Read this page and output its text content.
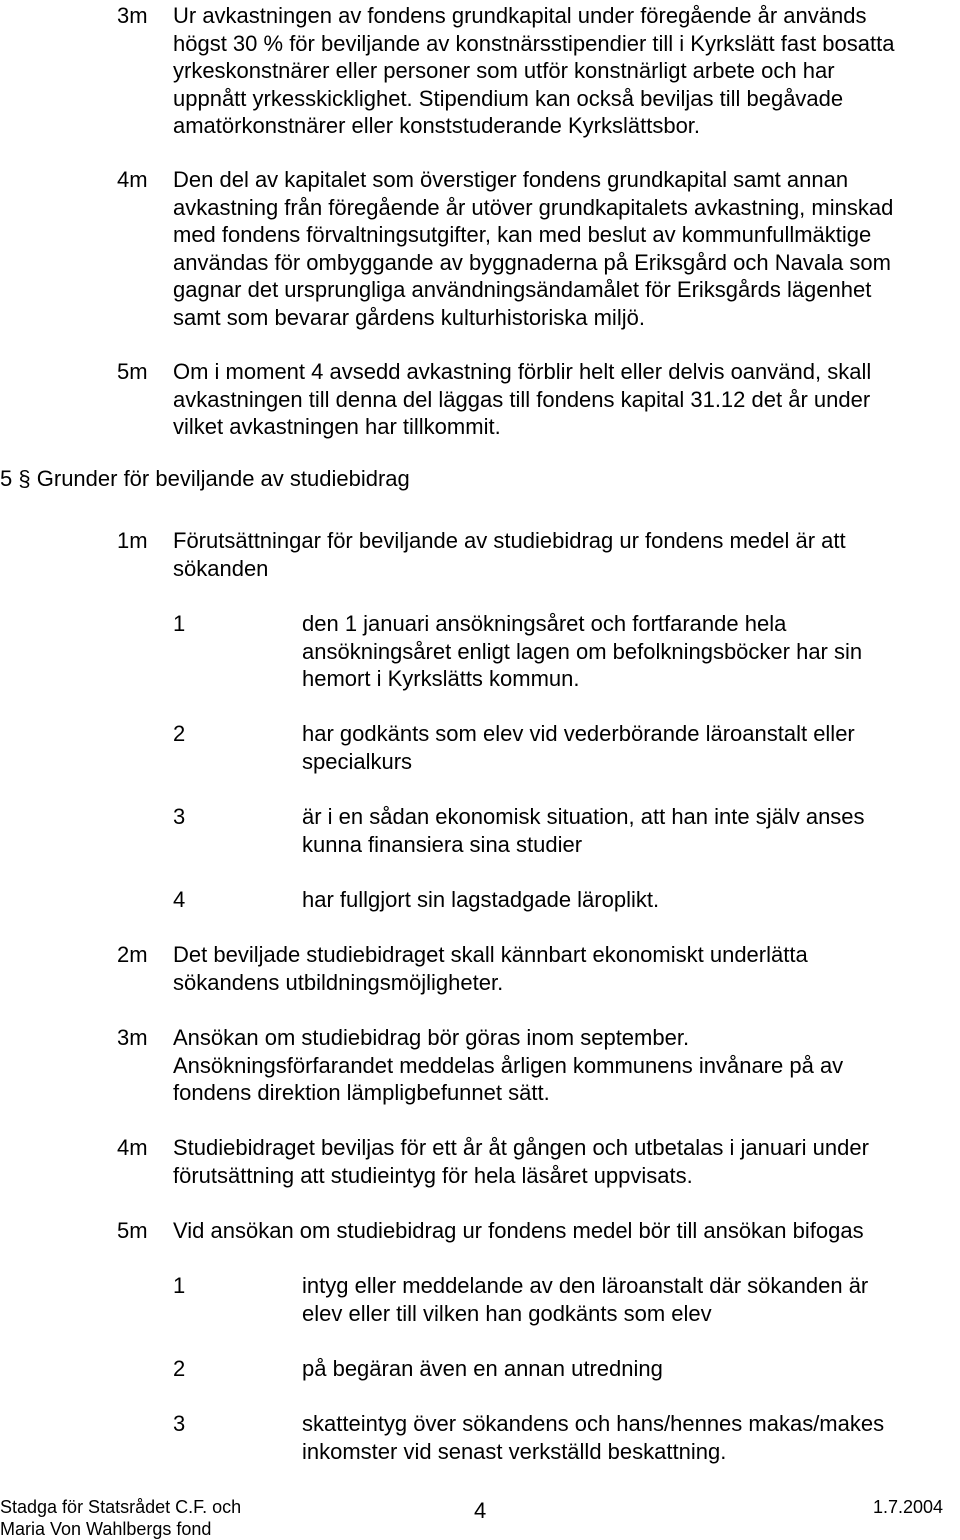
3m Ur avkastningen av fondens grundkapital under föregående år används
högst 30 % för beviljande av konstnärsstipendier till i Kyrkslätt fast bosatta
yrkeskonstnärer eller personer som utför konstnärligt arbete och har
uppnått yrkesskicklighet. Stipendium kan också beviljas till begåvade
amatörkonstnärer eller konststuderande Kyrkslättsbor.
4m Den del av kapitalet som överstiger fondens grundkapital samt annan
avkastning från föregående år utöver grundkapitalets avkastning, minskad
med fondens förvaltningsutgifter, kan med beslut av kommunfullmäktige
användas för ombyggande av byggnaderna på Eriksgård och Navala som
gagnar det ursprungliga användningsändamålet för Eriksgårds lägenhet
samt som bevarar gårdens kulturhistoriska miljö.
5m Om i moment 4 avsedd avkastning förblir helt eller delvis oanvänd, skall
avkastningen till denna del läggas till fondens kapital 31.12 det år under
vilket avkastningen har tillkommit.
5 § Grunder för beviljande av studiebidrag
1m Förutsättningar för beviljande av studiebidrag ur fondens medel är att
sökanden
1	den 1 januari ansökningsåret och fortfarande hela
ansökningsåret enligt lagen om befolkningsböcker har sin
hemort i Kyrkslätts kommun.
2	har godkänts som elev vid vederbörande läroanstalt eller
specialkurs
3	är i en sådan ekonomisk situation, att han inte själv anses
kunna finansiera sina studier
4	har fullgjort sin lagstadgade läroplikt.
2m Det beviljade studiebidraget skall kännbart ekonomiskt underlätta
sökandens utbildningsmöjligheter.
3m Ansökan om studiebidrag bör göras inom september.
Ansökningsförfarandet meddelas årligen kommunens invånare på av
fondens direktion lämpligbefunnet sätt.
4m Studiebidraget beviljas för ett år åt gången och utbetalas i januari under
förutsättning att studieintyg för hela läsåret uppvisats.
5m Vid ansökan om studiebidrag ur fondens medel bör till ansökan bifogas
1	intyg eller meddelande av den läroanstalt där sökanden är
elev eller till vilken han godkänts som elev
2	på begäran även en annan utredning
3	skatteintyg över sökandens och hans/hennes makas/makes
inkomster vid senast verkställd beskattning.
Stadga för Statsrådet C.F. och
Maria Von Wahlbergs fond
4	1.7.2004
